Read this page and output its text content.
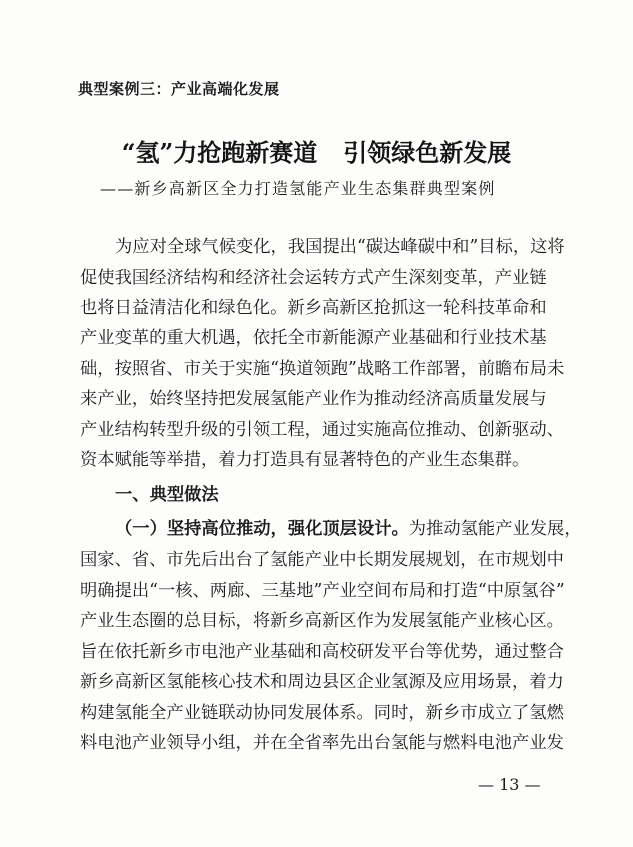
典型案例三：产业高端化发展
“氢”力抢跑新赛道 引领绿色新发展
——新乡高新区全力打造氢能产业生态集群典型案例
为应对全球气候变化，我国提出“碳达峰碳中和”目标，这将
促使我国经济结构和经济社会运转方式产生深刻变革，产业链
也将日益清洁化和绿色化。新乡高新区抢抓这一轮科技革命和
产业变革的重大机遇，依托全市新能源产业基础和行业技术基
础，按照省、市关于实施“换道领跑”战略工作部署，前瞻布局未
来产业，始终坚持把发展氢能产业作为推动经济高质量发展与
产业结构转型升级的引领工程，通过实施高位推动、创新驱动、
资本赋能等举措，着力打造具有显著特色的产业生态集群。
一、典型做法
（一）坚持高位推动，强化顶层设计。为推动氢能产业发展，
国家、省、市先后出台了氢能产业中长期发展规划，在市规划中
明确提出“一核、两廊、三基地”产业空间布局和打造“中原氢谷”
产业生态圈的总目标，将新乡高新区作为发展氢能产业核心区。
旨在依托新乡市电池产业基础和高校研发平台等优势，通过整合
新乡高新区氢能核心技术和周边县区企业氢源及应用场景，着力
构建氢能全产业链联动协同发展体系。同时，新乡市成立了氢燃
料电池产业领导小组，并在全省率先出台氢能与燃料电池产业发
— 13 —
